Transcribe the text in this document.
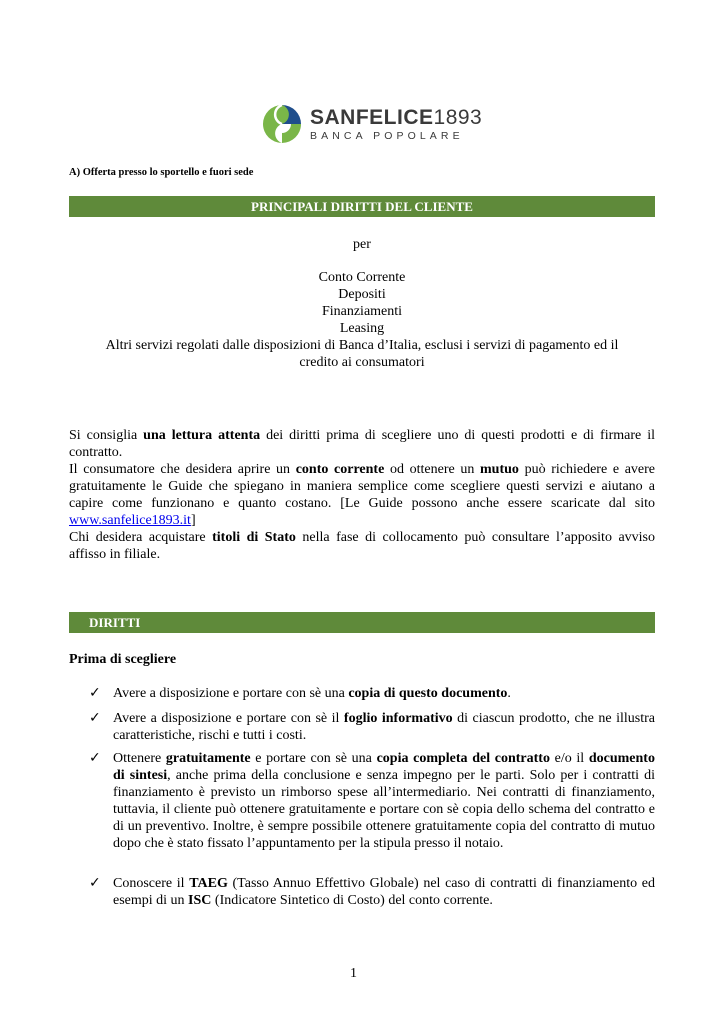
SANFELICE1893
BANCA POPOLARE
A) Offerta presso lo sportello e fuori sede
PRINCIPALI DIRITTI DEL CLIENTE
per
Conto Corrente
Depositi
Finanziamenti
Leasing
Altri servizi regolati dalle disposizioni di Banca d’Italia, esclusi i servizi di pagamento ed il
credito ai consumatori
Si consiglia una lettura attenta dei diritti prima di scegliere uno di questi prodotti e di firmare il contratto.
Il consumatore che desidera aprire un conto corrente od ottenere un mutuo può richiedere e avere gratuitamente le Guide che spiegano in maniera semplice come scegliere questi servizi e aiutano a capire come funzionano e quanto costano. [Le Guide possono anche essere scaricate dal sito www.sanfelice1893.it]
Chi desidera acquistare titoli di Stato nella fase di collocamento può consultare l’apposito avviso affisso in filiale.
DIRITTI
Prima di scegliere
✓ Avere a disposizione e portare con sè una copia di questo documento.
✓ Avere a disposizione e portare con sè il foglio informativo di ciascun prodotto, che ne illustra caratteristiche, rischi e tutti i costi.
✓ Ottenere gratuitamente e portare con sè una copia completa del contratto e/o il documento di sintesi, anche prima della conclusione e senza impegno per le parti. Solo per i contratti di finanziamento è previsto un rimborso spese all’intermediario. Nei contratti di finanziamento, tuttavia, il cliente può ottenere gratuitamente e portare con sè copia dello schema del contratto e di un preventivo. Inoltre, è sempre possibile ottenere gratuitamente copia del contratto di mutuo dopo che è stato fissato l’appuntamento per la stipula presso il notaio.
✓ Conoscere il TAEG (Tasso Annuo Effettivo Globale) nel caso di contratti di finanziamento ed esempi di un ISC (Indicatore Sintetico di Costo) del conto corrente.
1
